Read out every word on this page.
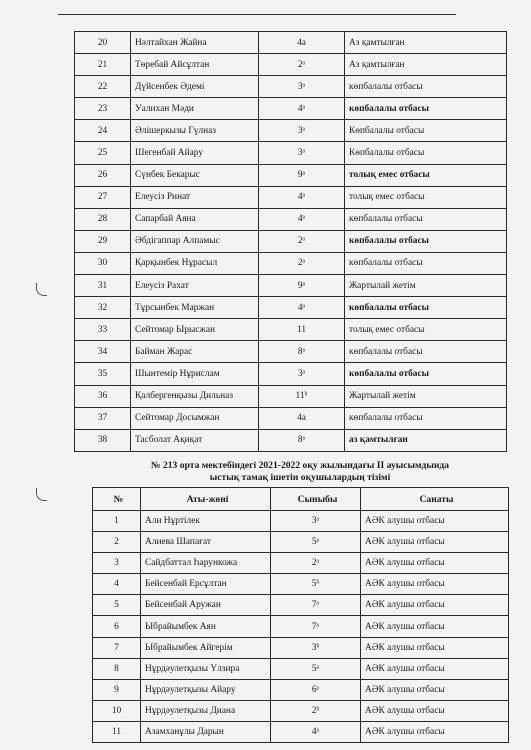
20	Нәлтайхан Жайна	4а	Аз қамтылған
21	Төребай Айсұлтан	2ᵃ	Аз қамтылған
22	Дүйсенбек Әдемі	3ᵃ	көпбалалы отбасы
23	Уалихан Мәди	4ᵃ	көпбалалы отбасы
24	Әлішеркызы Гүлназ	3ᵃ	Көпбалалы отбасы
25	Шегенбай Айару	3ᵃ	Көпбалалы отбасы
26	Сүнбек Бекарыс	9ᵃ	толық емес отбасы
27	Елеусіз Ринат	4ᵃ	толық емес отбасы
28	Сапарбай Аяна	4ᵃ	көпбалалы отбасы
29	Әбдігаппар Алпамыс	2ᵃ	көпбалалы отбасы
30	Қарқынбек Нұрасыл	2ᵃ	көпбалалы отбасы
31	Елеусіз Рахат	9ᵃ	Жартылай жетім
32	Тұрсынбек Маржан	4ᵃ	көпбалалы отбасы
33	Сейтомар Ырысжан	11	толық емес отбасы
34	Байман Жарас	8ᵃ	көпбалалы отбасы
35	Шынтемір Нұрислам	3ᵃ	көпбалалы отбасы
36	Қалбергенқызы Дильназ	11ᵇ	Жартылай жетім
37	Сейтомар Досымжан	4а	көпбалалы отбасы
38	Тасболат Ақиқат	8ᵃ	аз қамтылған
№ 213 орта мектебіндегі 2021-2022 оқу жылындағы ІІ ауысымдыида
ыстық тамақ ішетін оқушылардың тізімі
№	Аты-жөні	Сыныбы	Санаты
1	Али Нұртілек	3ᵃ	АӘК алушы отбасы
2	Алиева Шапағат	5ᵃ	АӘК алушы отбасы
3	Сайдбаттал Һарункожа	2ᵃ	АӘК алушы отбасы
4	Бейсенбай Ерсұлтан	5ᵇ	АӘК алушы отбасы
5	Бейсенбай Аружан	7ᵃ	АӘК алушы отбасы
6	Ыбрайымбек Аян	7ᵃ	АӘК алушы отбасы
7	Ыбрайымбек Айгерім	3ᵇ	АӘК алушы отбасы
8	Нұрдәулетқызы Үлзира	5ᵃ	АӘК алушы отбасы
9	Нұрдәулетқызы Айару	6ᵃ	АӘК алушы отбасы
10	Нұрдәулетқызы Диана	2ᵇ	АӘК алушы отбасы
11	Азамханұлы Дарын	4ᵃ	АӘК алушы отбасы
